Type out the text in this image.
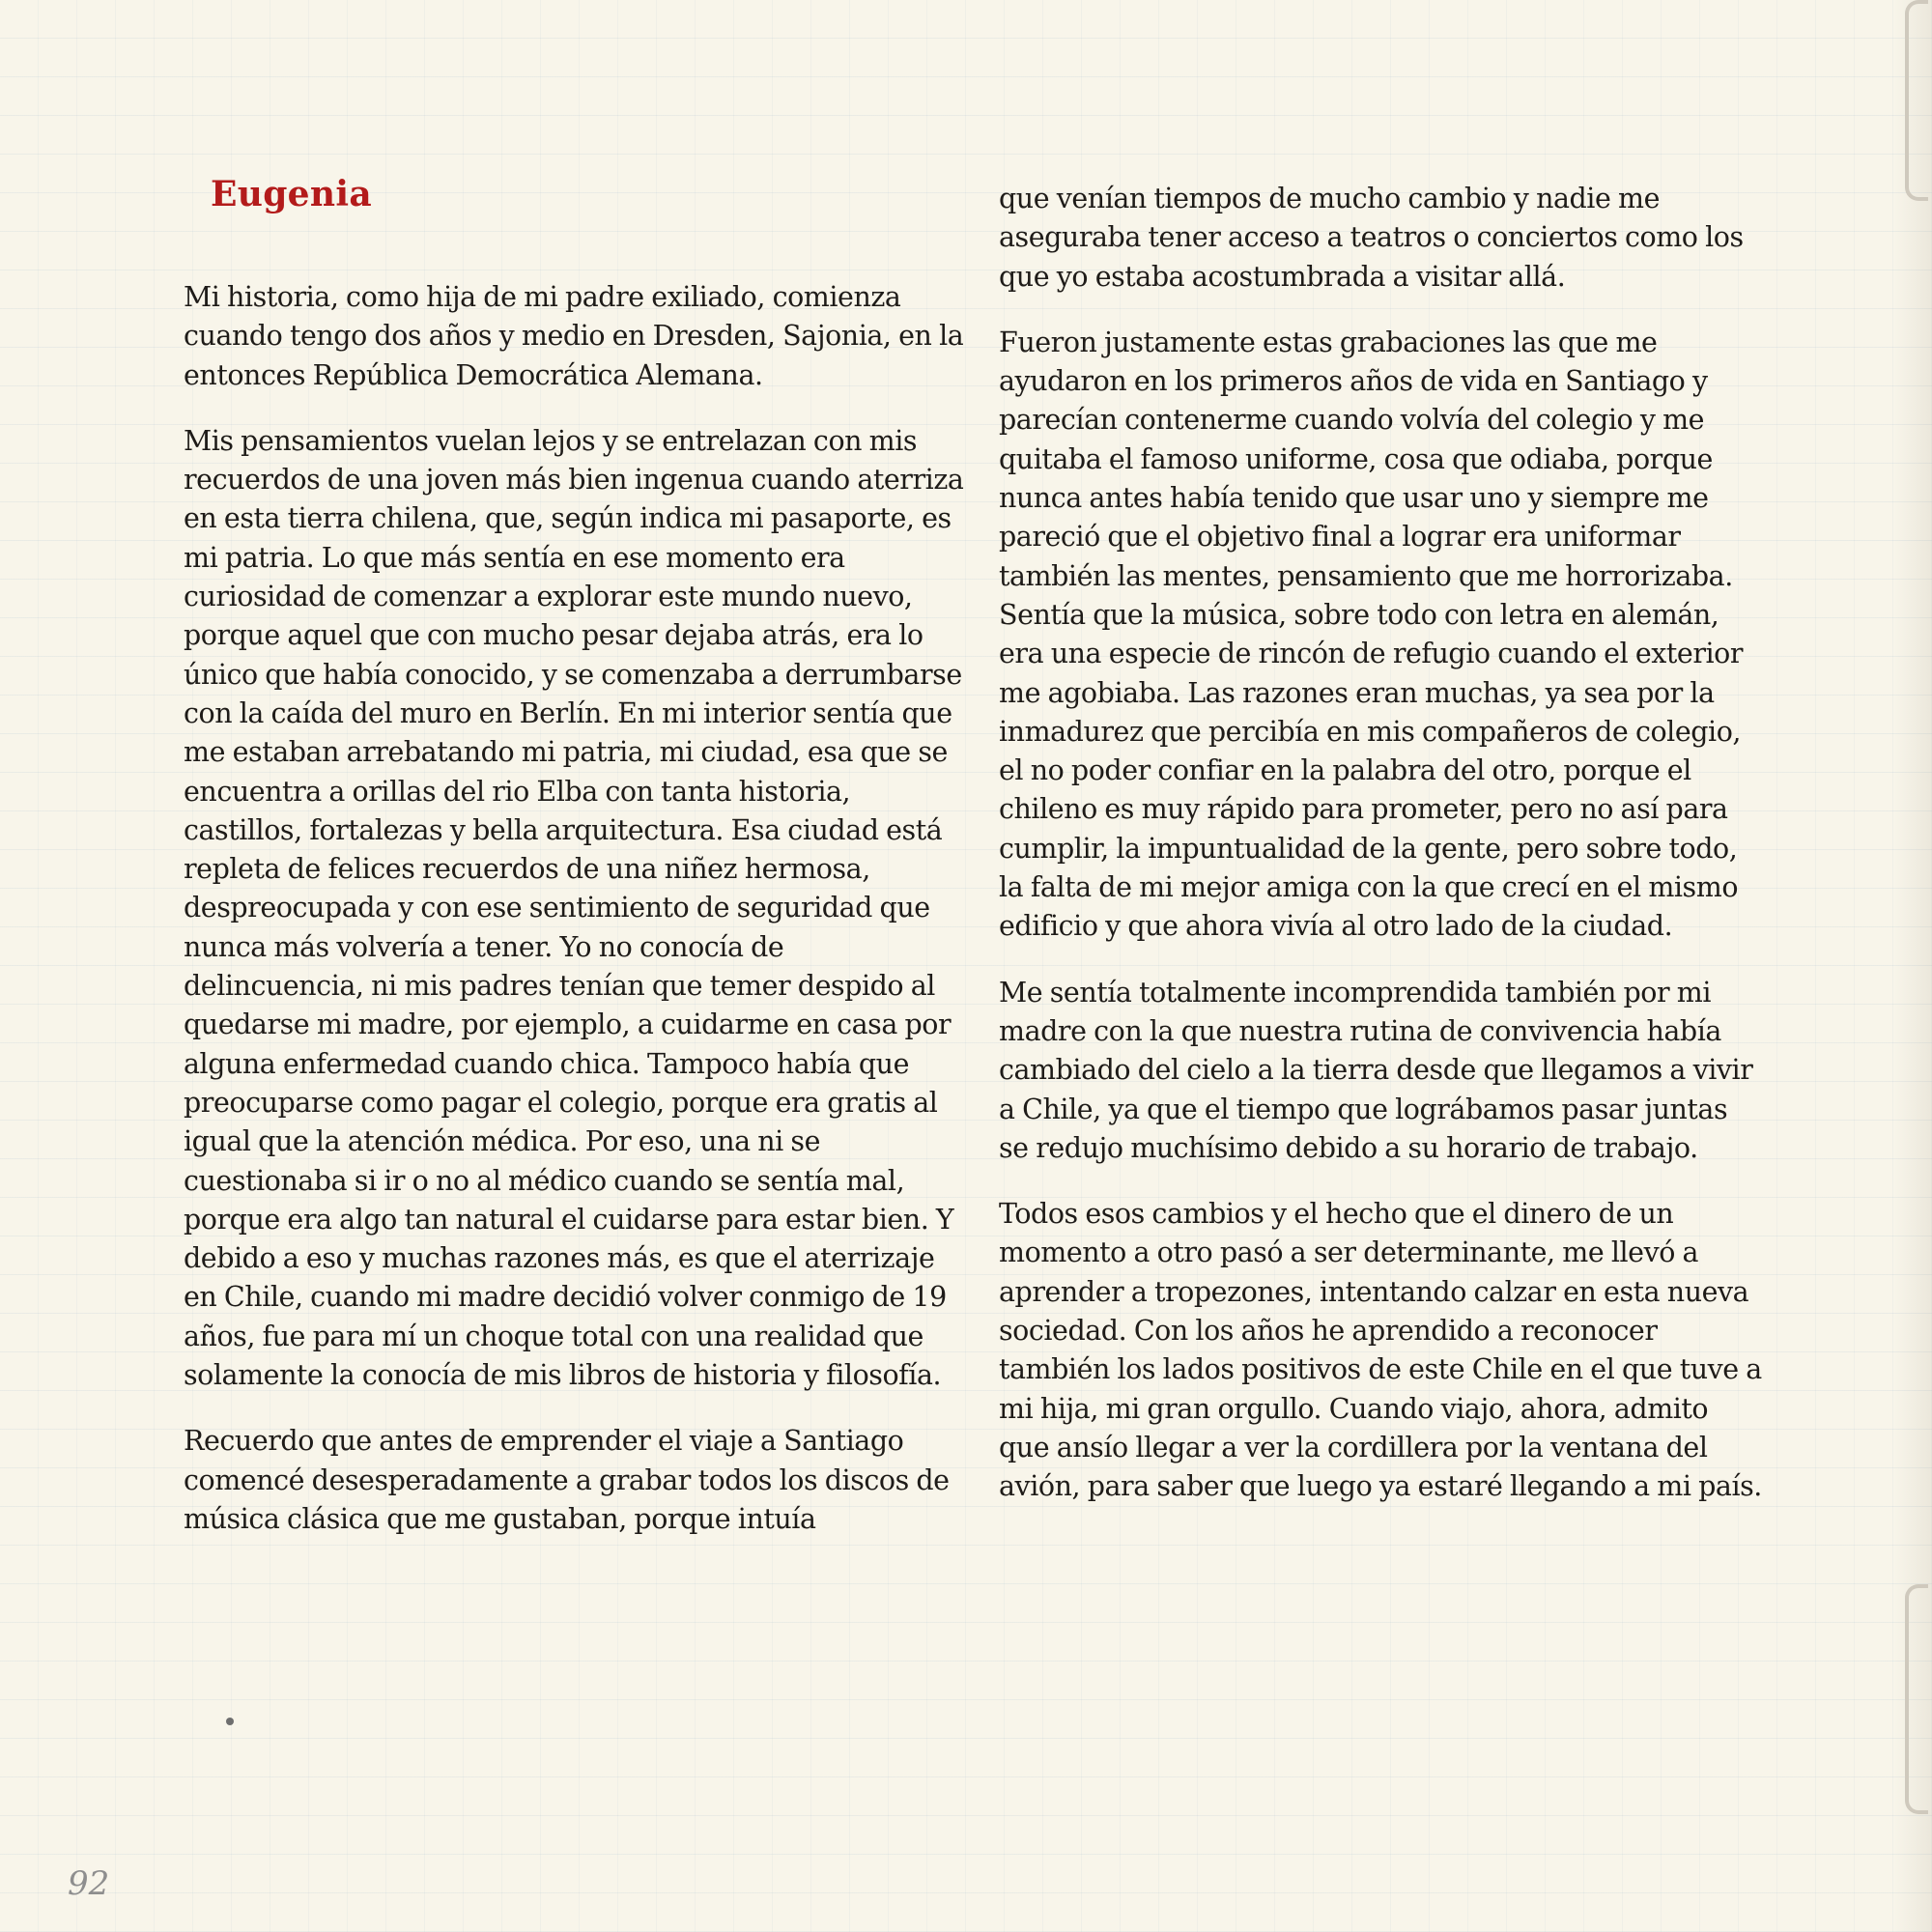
Eugenia

Mi historia, como hija de mi padre exiliado, comienza cuando tengo dos años y medio en Dresden, Sajonia, en la entonces República Democrática Alemana.

Mis pensamientos vuelan lejos y se entrelazan con mis recuerdos de una joven más bien ingenua cuando aterriza en esta tierra chilena, que, según indica mi pasaporte, es mi patria. Lo que más sentía en ese momento era curiosidad de comenzar a explorar este mundo nuevo, porque aquel que con mucho pesar dejaba atrás, era lo único que había conocido, y se comenzaba a derrumbarse con la caída del muro en Berlín. En mi interior sentía que me estaban arrebatando mi patria, mi ciudad, esa que se encuentra a orillas del rio Elba con tanta historia, castillos, fortalezas y bella arquitectura. Esa ciudad está repleta de felices recuerdos de una niñez hermosa, despreocupada y con ese sentimiento de seguridad que nunca más volvería a tener. Yo no conocía de delincuencia, ni mis padres tenían que temer despido al quedarse mi madre, por ejemplo, a cuidarme en casa por alguna enfermedad cuando chica. Tampoco había que preocuparse como pagar el colegio, porque era gratis al igual que la atención médica. Por eso, una ni se cuestionaba si ir o no al médico cuando se sentía mal, porque era algo tan natural el cuidarse para estar bien. Y debido a eso y muchas razones más, es que el aterrizaje en Chile, cuando mi madre decidió volver conmigo de 19 años, fue para mí un choque total con una realidad que solamente la conocía de mis libros de historia y filosofía.

Recuerdo que antes de emprender el viaje a Santiago comencé desesperadamente a grabar todos los discos de música clásica que me gustaban, porque intuía

que venían tiempos de mucho cambio y nadie me aseguraba tener acceso a teatros o conciertos como los que yo estaba acostumbrada a visitar allá.

Fueron justamente estas grabaciones las que me ayudaron en los primeros años de vida en Santiago y parecían contenerme cuando volvía del colegio y me quitaba el famoso uniforme, cosa que odiaba, porque nunca antes había tenido que usar uno y siempre me pareció que el objetivo final a lograr era uniformar también las mentes, pensamiento que me horrorizaba. Sentía que la música, sobre todo con letra en alemán, era una especie de rincón de refugio cuando el exterior me agobiaba. Las razones eran muchas, ya sea por la inmadurez que percibía en mis compañeros de colegio, el no poder confiar en la palabra del otro, porque el chileno es muy rápido para prometer, pero no así para cumplir, la impuntualidad de la gente, pero sobre todo, la falta de mi mejor amiga con la que crecí en el mismo edificio y que ahora vivía al otro lado de la ciudad.

Me sentía totalmente incomprendida también por mi madre con la que nuestra rutina de convivencia había cambiado del cielo a la tierra desde que llegamos a vivir a Chile, ya que el tiempo que lográbamos pasar juntas se redujo muchísimo debido a su horario de trabajo.

Todos esos cambios y el hecho que el dinero de un momento a otro pasó a ser determinante, me llevó a aprender a tropezones, intentando calzar en esta nueva sociedad. Con los años he aprendido a reconocer también los lados positivos de este Chile en el que tuve a mi hija, mi gran orgullo. Cuando viajo, ahora, admito que ansío llegar a ver la cordillera por la ventana del avión, para saber que luego ya estaré llegando a mi país.

92
